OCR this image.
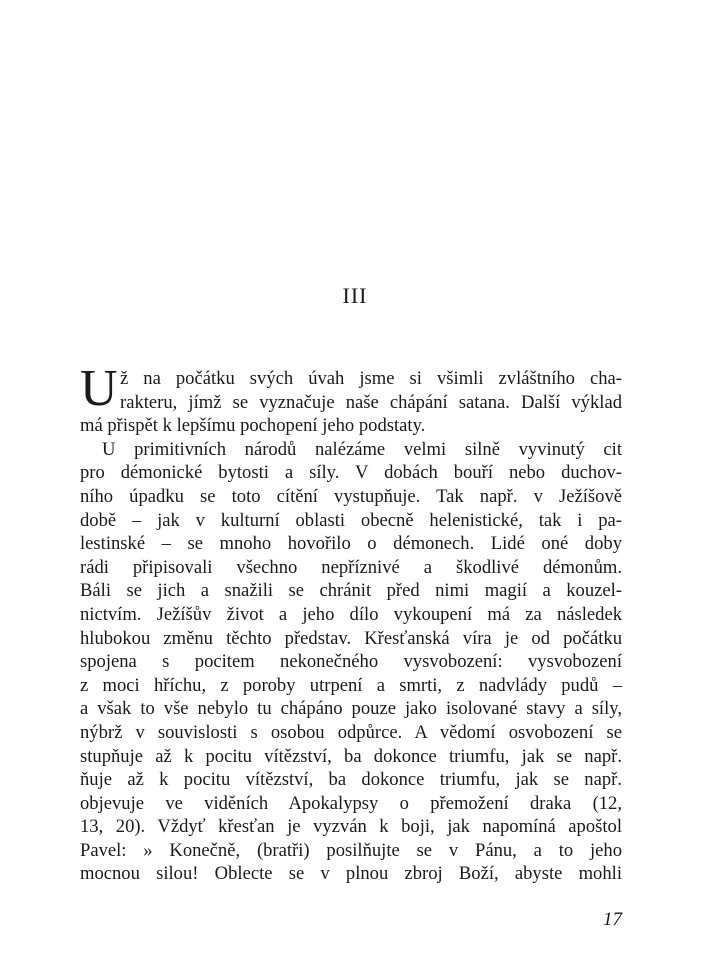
III
U ž na počátku svých úvah jsme si všimli zvláštního cha-
rakteru, jímž se vyznačuje naše chápání satana. Další výklad
má přispět k lepšímu pochopení jeho podstaty.
U primitivních národů nalézáme velmi silně vyvinutý cit
pro démonické bytosti a síly. V dobách bouří nebo duchov-
ního úpadku se toto cítění vystupňuje. Tak např. v Ježíšově
době – jak v kulturní oblasti obecně helenistické, tak i pa-
lestinské – se mnoho hovořilo o démonech. Lidé oné doby
rádi připisovali všechno nepříznivé a škodlivé démonům.
Báli se jich a snažili se chránit před nimi magií a kouzel-
nictvím. Ježíšův život a jeho dílo vykoupení má za následek
hlubokou změnu těchto představ. Křesťanská víra je od počátku
spojena s pocitem nekonečného vysvobození: vysvobození
z moci hříchu, z poroby utrpení a smrti, z nadvlády pudů –
a však to vše nebylo tu chápáno pouze jako isolované stavy a síly,
nýbrž v souvislosti s osobou odpůrce. A vědomí osvobození se
stupňuje až k pocitu vítězství, ba dokonce triumfu, jak se např.
ňuje až k pocitu vítězství, ba dokonce triumfu, jak se např.
objevuje ve viděních Apokalypsy o přemožení draka (12,
13, 20). Vždyť křesťan je vyzván k boji, jak napomíná apoštol
Pavel: » Konečně, (bratři) posilňujte se v Pánu, a to jeho
mocnou silou! Oblecte se v plnou zbroj Boží, abyste mohli
17
